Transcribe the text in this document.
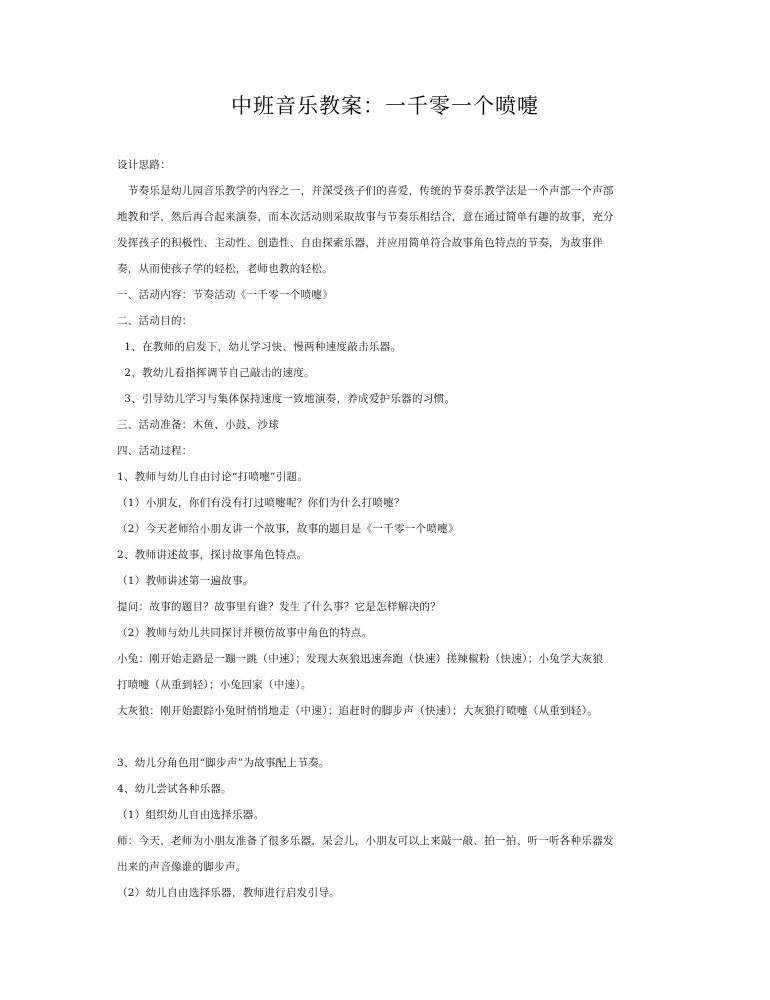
中班音乐教案：一千零一个喷嚏

设计思路：

　节奏乐是幼儿园音乐教学的内容之一，并深受孩子们的喜爱，传统的节奏乐教学法是一个声部一个声部

地教和学，然后再合起来演奏，而本次活动则采取故事与节奏乐相结合，意在通过简单有趣的故事，充分

发挥孩子的积极性、主动性、创造性、自由探索乐器，并应用简单符合故事角色特点的节奏，为故事伴

奏，从而使孩子学的轻松，老师也教的轻松。

一、活动内容：节奏活动《一千零一个喷嚏》

二、活动目的：

1、在教师的启发下，幼儿学习快、慢两种速度敲击乐器。

2、教幼儿看指挥调节自己敲击的速度。

3、引导幼儿学习与集体保持速度一致地演奏，养成爱护乐器的习惯。

三、活动准备：木鱼、小鼓、沙球

四、活动过程：

1、教师与幼儿自由讨论“打喷嚏”引题。

（1）小朋友，你们有没有打过喷嚏呢？你们为什么打喷嚏？

（2）今天老师给小朋友讲一个故事，故事的题目是《一千零一个喷嚏》

2、教师讲述故事，探讨故事角色特点。

（1）教师讲述第一遍故事。

提问：故事的题目？故事里有谁？发生了什么事？它是怎样解决的？

（2）教师与幼儿共同探讨并模仿故事中角色的特点。

小兔：刚开始走路是一蹦一跳（中速）；发现大灰狼迅速奔跑（快速）搓辣椒粉（快速）；小兔学大灰狼

打喷嚏（从重到轻）；小兔回家（中速）。

大灰狼：刚开始跟踪小兔时悄悄地走（中速）；追赶时的脚步声（快速）；大灰狼打喷嚏（从重到轻）。

3、幼儿分角色用“脚步声”为故事配上节奏。

4、幼儿尝试各种乐器。

（1）组织幼儿自由选择乐器。

师：今天，老师为小朋友准备了很多乐器，呆会儿，小朋友可以上来敲一敲、拍一拍、听一听各种乐器发

出来的声音像谁的脚步声。

（2）幼儿自由选择乐器，教师进行启发引导。
